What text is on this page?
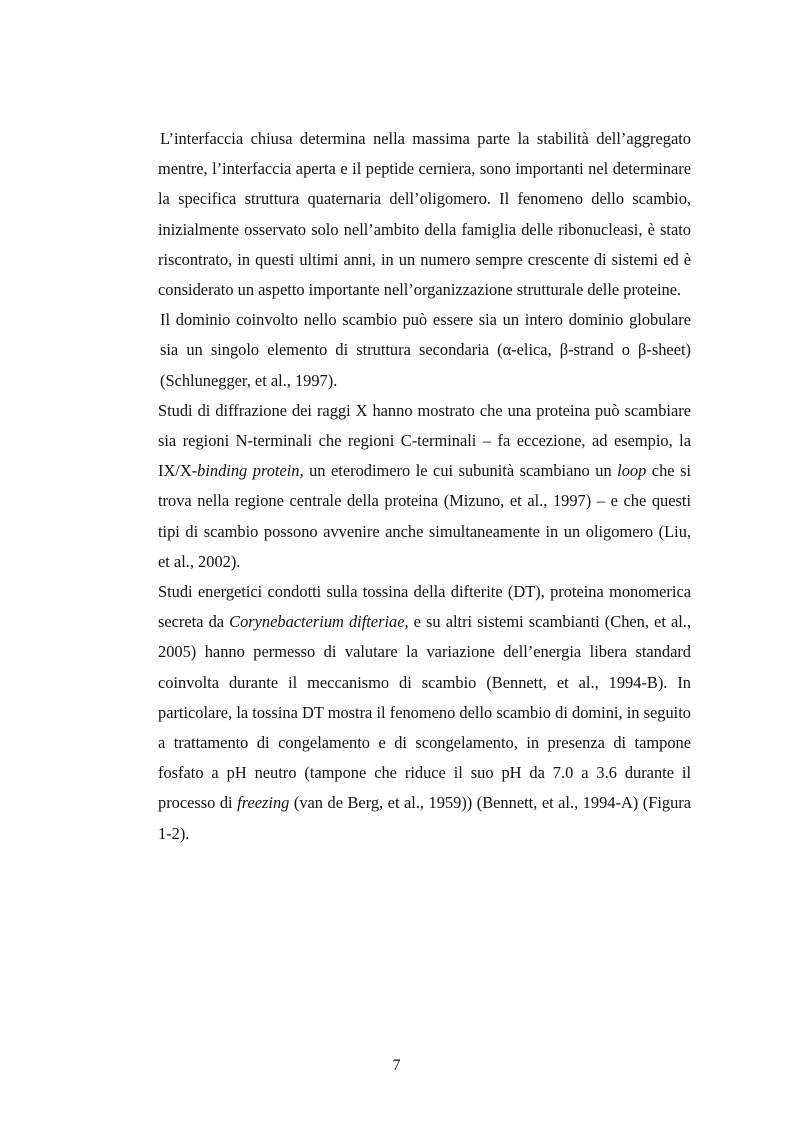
L’interfaccia chiusa determina nella massima parte la stabilità dell’aggregato mentre, l’interfaccia aperta e il peptide cerniera, sono importanti nel determinare la specifica struttura quaternaria dell’oligomero. Il fenomeno dello scambio, inizialmente osservato solo nell’ambito della famiglia delle ribonucleasi, è stato riscontrato, in questi ultimi anni, in un numero sempre crescente di sistemi ed è considerato un aspetto importante nell’organizzazione strutturale delle proteine.

Il dominio coinvolto nello scambio può essere sia un intero dominio globulare sia un singolo elemento di struttura secondaria (α-elica, β-strand o β-sheet) (Schlunegger, et al., 1997).

Studi di diffrazione dei raggi X hanno mostrato che una proteina può scambiare sia regioni N-terminali che regioni C-terminali – fa eccezione, ad esempio, la IX/X-binding protein, un eterodimero le cui subunità scambiano un loop che si trova nella regione centrale della proteina (Mizuno, et al., 1997) – e che questi tipi di scambio possono avvenire anche simultaneamente in un oligomero (Liu, et al., 2002).

Studi energetici condotti sulla tossina della difterite (DT), proteina monomerica secreta da Corynebacterium difteriae, e su altri sistemi scambianti (Chen, et al., 2005) hanno permesso di valutare la variazione dell’energia libera standard coinvolta durante il meccanismo di scambio (Bennett, et al., 1994-B). In particolare, la tossina DT mostra il fenomeno dello scambio di domini, in seguito a trattamento di congelamento e di scongelamento, in presenza di tampone fosfato a pH neutro (tampone che riduce il suo pH da 7.0 a 3.6 durante il processo di freezing (van de Berg, et al., 1959)) (Bennett, et al., 1994-A) (Figura 1-2).

7
